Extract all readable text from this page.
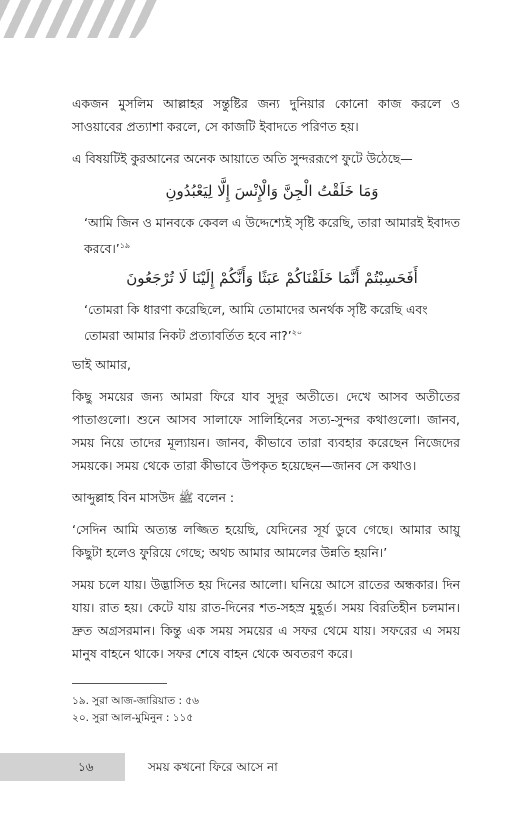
একজন মুসলিম আল্লাহর সন্তুষ্টির জন্য দুনিয়ার কোনো কাজ করলে ও সাওয়াবের প্রত্যাশা করলে, সে কাজটি ইবাদতে পরিণত হয়।

এ বিষয়টিই কুরআনের অনেক আয়াতে অতি সুন্দররূপে ফুটে উঠেছে—

وَمَا خَلَقْتُ الْجِنَّ وَالْإِنْسَ إِلَّا لِيَعْبُدُونِ

‘আমি জিন ও মানবকে কেবল এ উদ্দেশ্যেই সৃষ্টি করেছি, তারা আমারই ইবাদত করবে।’$^{১৯}$

أَفَحَسِبْتُمْ أَنَّمَا خَلَقْنَاكُمْ عَبَثًا وَأَنَّكُمْ إِلَيْنَا لَا تُرْجَعُونَ

‘তোমরা কি ধারণা করেছিলে, আমি তোমাদের অনর্থক সৃষ্টি করেছি এবং তোমরা আমার নিকট প্রত্যাবর্তিত হবে না?’$^{২০}$

ভাই আমার,

কিছু সময়ের জন্য আমরা ফিরে যাব সুদূর অতীতে। দেখে আসব অতীতের পাতাগুলো। শুনে আসব সালাফে সালিহিনের সত্য-সুন্দর কথাগুলো। জানব, সময় নিয়ে তাদের মূল্যায়ন। জানব, কীভাবে তারা ব্যবহার করেছেন নিজেদের সময়কে। সময় থেকে তারা কীভাবে উপকৃত হয়েছেন—জানব সে কথাও।

আব্দুল্লাহ বিন মাসউদ ﷺ বলেন :

‘সেদিন আমি অত্যন্ত লজ্জিত হয়েছি, যেদিনের সূর্য ডুবে গেছে। আমার আয়ু কিছুটা হলেও ফুরিয়ে গেছে; অথচ আমার আমলের উন্নতি হয়নি।’

সময় চলে যায়। উদ্ভাসিত হয় দিনের আলো। ঘনিয়ে আসে রাতের অন্ধকার। দিন যায়। রাত হয়। কেটে যায় রাত-দিনের শত-সহস্র মুহূর্ত। সময় বিরতিহীন চলমান। দ্রুত অগ্রসরমান। কিন্তু এক সময় সময়ের এ সফর থেমে যায়। সফরের এ সময় মানুষ বাহনে থাকে। সফর শেষে বাহন থেকে অবতরণ করে।

১৯. সুরা আজ-জারিয়াত : ৫৬
২০. সুরা আল-মুমিনুন : ১১৫
১৬	সময় কখনো ফিরে আসে না
